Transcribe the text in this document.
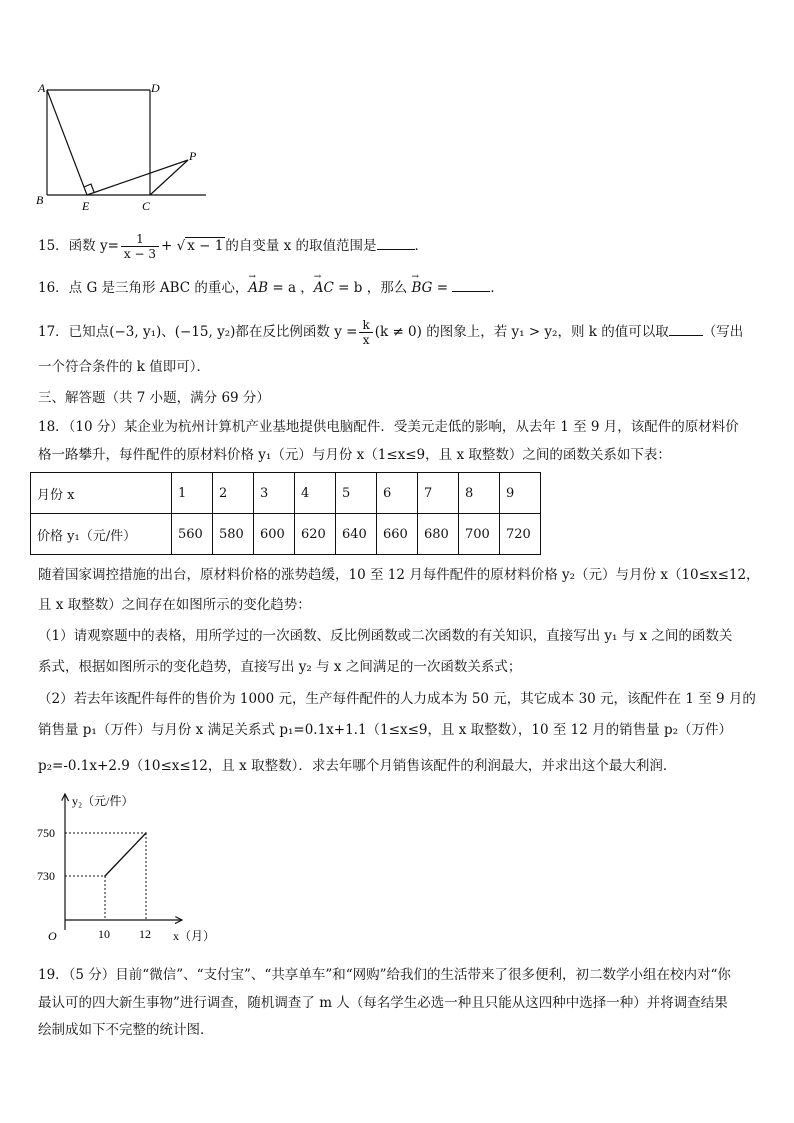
A	D
B	E	C
P
15．函数 $y= \frac{1}{x - 3}$ + √ x − 1 的自变量 x 的取值范围是	．
16．点 G 是三角形 ABC 的重心，→ AB = a ，→ AC = b ，那么 → BG =	．
17．已知点(−3, y₁)、(−15, y₂)都在反比例函数 $y = \frac{k}{x} (k \ne 0)$ 的图象上，若 y₁ > y₂，则 k 的值可以取	（写出
一个符合条件的 k 值即可）．
三、解答题（共 7 小题，满分 69 分）
18．（10 分）某企业为杭州计算机产业基地提供电脑配件．受美元走低的影响，从去年 1 至 9 月，该配件的原材料价
格一路攀升，每件配件的原材料价格 y₁（元）与月份 x（1≤x≤9，且 x 取整数）之间的函数关系如下表：
月份 x	1	2	3	4	5	6	7	8	9
价格 y₁（元/件）	560	580	600	620	640	660	680	700	720
随着国家调控措施的出台，原材料价格的涨势趋缓，10 至 12 月每件配件的原材料价格 y₂（元）与月份 x（10≤x≤12，
且 x 取整数）之间存在如图所示的变化趋势：
（1）请观察题中的表格，用所学过的一次函数、反比例函数或二次函数的有关知识，直接写出 y₁ 与 x 之间的函数关
系式，根据如图所示的变化趋势，直接写出 y₂ 与 x 之间满足的一次函数关系式；
（2）若去年该配件每件的售价为 1000 元，生产每件配件的人力成本为 50 元，其它成本 30 元，该配件在 1 至 9 月的
销售量 p₁（万件）与月份 x 满足关系式 p₁=0.1x+1.1（1≤x≤9，且 x 取整数），10 至 12 月的销售量 p₂（万件）
p₂=-0.1x+2.9（10≤x≤12，且 x 取整数）．求去年哪个月销售该配件的利润最大，并求出这个最大利润．
y₂（元/件）
x（月）
O	10 12
730
750
19．（5 分）目前“微信”、“支付宝”、“共享单车”和“网购”给我们的生活带来了很多便利，初二数学小组在校内对“你
最认可的四大新生事物”进行调查，随机调查了 m 人（每名学生必选一种且只能从这四种中选择一种）并将调查结果
绘制成如下不完整的统计图．
